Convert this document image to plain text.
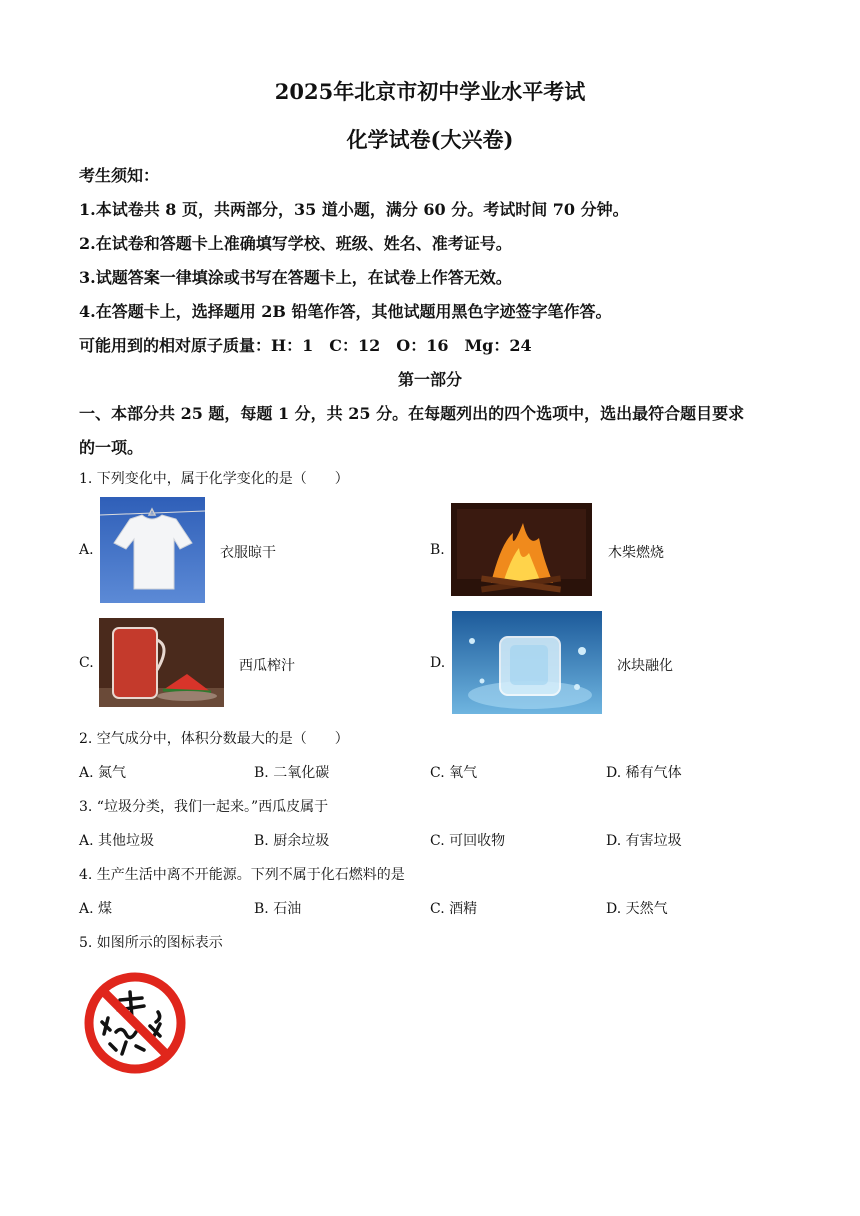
2025年北京市初中学业水平考试
化学试卷(大兴卷)
考生须知：
1.本试卷共 8 页，共两部分，35 道小题，满分 60 分。考试时间 70 分钟。
2.在试卷和答题卡上准确填写学校、班级、姓名、准考证号。
3.试题答案一律填涂或书写在答题卡上，在试卷上作答无效。
4.在答题卡上，选择题用 2B 铅笔作答，其他试题用黑色字迹签字笔作答。
可能用到的相对原子质量：H：1　C：12　O：16　Mg：24
第一部分
一、本部分共 25 题，每题 1 分，共 25 分。在每题列出的四个选项中，选出最符合题目要求
的一项。
1. 下列变化中，属于化学变化的是（　　）
A.	衣服晾干	B.	木柴燃烧
C.	西瓜榨汁	D.	冰块融化
2. 空气成分中，体积分数最大的是（　　）
A. 氮气	B. 二氧化碳	C. 氧气	D. 稀有气体
3. “垃圾分类，我们一起来。”西瓜皮属于
A. 其他垃圾	B. 厨余垃圾	C. 可回收物	D. 有害垃圾
4. 生产生活中离不开能源。下列不属于化石燃料的是
A. 煤	B. 石油	C. 酒精	D. 天然气
5. 如图所示的图标表示
